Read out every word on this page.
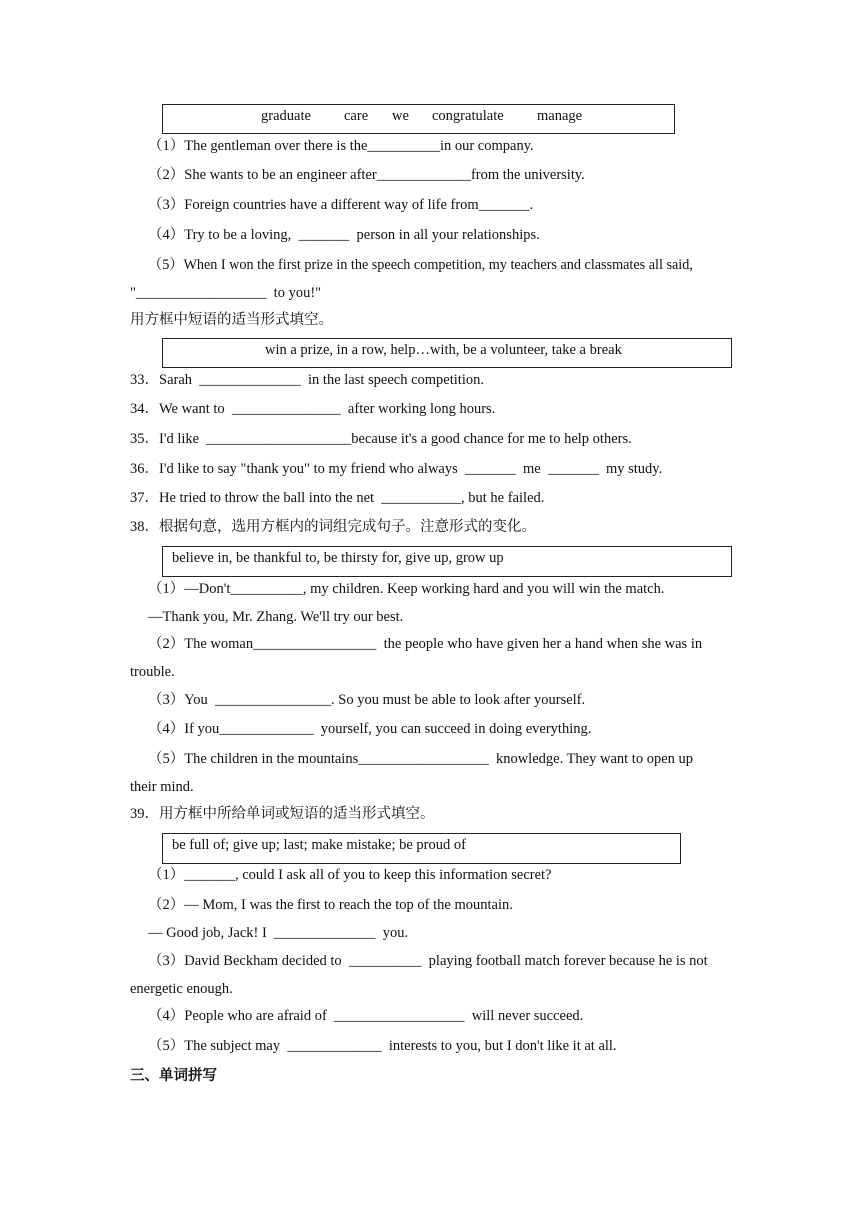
graduate care we congratulate manage
（1）The gentleman over there is the__________in our company.
（2）She wants to be an engineer after_____________from the university.
（3）Foreign countries have a different way of life from_______.
（4）Try to be a loving,  _______  person in all your relationships.
（5）When I won the first prize in the speech competition, my teachers and classmates all said,
"__________________  to you!"
用方框中短语的适当形式填空。
win a prize, in a row, help…with, be a volunteer, take a break
33．Sarah  ______________  in the last speech competition.
34．We want to  _______________  after working long hours.
35．I'd like  ____________________because it's a good chance for me to help others.
36．I'd like to say "thank you" to my friend who always  _______  me  _______  my study.
37．He tried to throw the ball into the net  ___________, but he failed.
38．根据句意，选用方框内的词组完成句子。注意形式的变化。
believe in, be thankful to, be thirsty for, give up, grow up
（1）—Don't__________, my children. Keep working hard and you will win the match.
—Thank you, Mr. Zhang. We'll try our best.
（2）The woman_________________  the people who have given her a hand when she was in
trouble.
（3）You  ________________. So you must be able to look after yourself.
（4）If you_____________  yourself, you can succeed in doing everything.
（5）The children in the mountains__________________  knowledge. They want to open up
their mind.
39．用方框中所给单词或短语的适当形式填空。
be full of; give up; last; make mistake; be proud of
（1）_______, could I ask all of you to keep this information secret?
（2）— Mom, I was the first to reach the top of the mountain.
— Good job, Jack! I  ______________  you.
（3）David Beckham decided to  __________  playing football match forever because he is not
energetic enough.
（4）People who are afraid of  __________________  will never succeed.
（5）The subject may  _____________  interests to you, but I don't like it at all.
三、单词拼写
